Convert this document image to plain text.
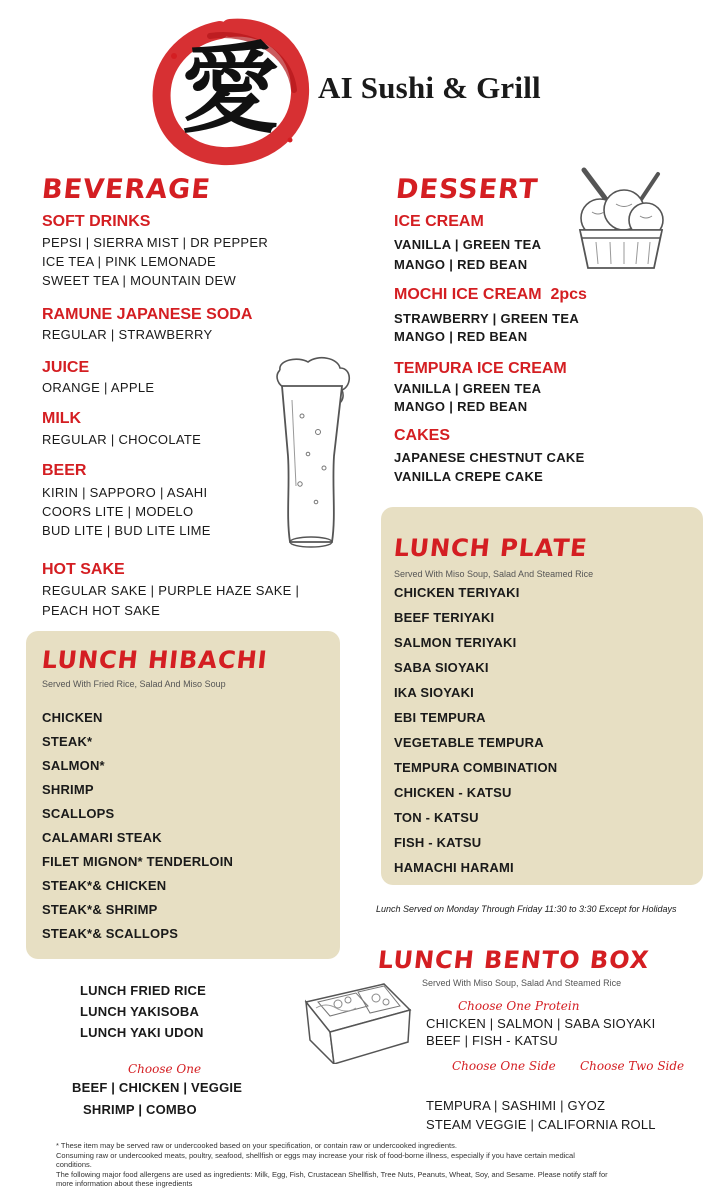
愛	AI Sushi & Grill
BEVERAGE
SOFT DRINKS
PEPSI | SIERRA MIST | DR PEPPER
ICE TEA | PINK LEMONADE
SWEET TEA | MOUNTAIN DEW
RAMUNE JAPANESE SODA
REGULAR | STRAWBERRY
JUICE
ORANGE | APPLE
MILK
REGULAR | CHOCOLATE
BEER
KIRIN | SAPPORO | ASAHI
COORS LITE | MODELO
BUD LITE | BUD LITE LIME
HOT SAKE
REGULAR SAKE | PURPLE HAZE SAKE |
PEACH HOT SAKE
DESSERT
ICE CREAM
VANILLA | GREEN TEA
MANGO | RED BEAN
MOCHI ICE CREAM 2pcs
STRAWBERRY | GREEN TEA
MANGO | RED BEAN
TEMPURA ICE CREAM
VANILLA | GREEN TEA
MANGO | RED BEAN
CAKES
JAPANESE CHESTNUT CAKE
VANILLA CREPE CAKE
LUNCH PLATE
Served With Miso Soup, Salad And Steamed Rice
CHICKEN TERIYAKI
BEEF TERIYAKI
SALMON TERIYAKI
SABA SIOYAKI
IKA SIOYAKI
EBI TEMPURA
VEGETABLE TEMPURA
TEMPURA COMBINATION
CHICKEN - KATSU
TON - KATSU
FISH - KATSU
HAMACHI HARAMI
Lunch Served on Monday Through Friday 11:30 to 3:30 Except for Holidays
LUNCH HIBACHI
Served With Fried Rice, Salad And Miso Soup
CHICKEN
STEAK*
SALMON*
SHRIMP
SCALLOPS
CALAMARI STEAK
FILET MIGNON* TENDERLOIN
STEAK*& CHICKEN
STEAK*& SHRIMP
STEAK*& SCALLOPS
LUNCH FRIED RICE
LUNCH YAKISOBA
LUNCH YAKI UDON
Choose One
BEEF | CHICKEN | VEGGIE
SHRIMP | COMBO
LUNCH BENTO BOX
Served With Miso Soup, Salad And Steamed Rice
Choose One Protein
CHICKEN | SALMON | SABA SIOYAKI
BEEF | FISH - KATSU
Choose One Side Choose Two Side
TEMPURA | SASHIMI | GYOZ
STEAM VEGGIE | CALIFORNIA ROLL
* These item may be served raw or undercooked based on your specification, or contain raw or undercooked ingredients.
Consuming raw or undercooked meats, poultry, seafood, shellfish or eggs may increase your risk of food-borne illness, especially if you have certain medical
conditions.
The following major food allergens are used as ingredients: Milk, Egg, Fish, Crustacean Shellfish, Tree Nuts, Peanuts, Wheat, Soy, and Sesame. Please notify staff for
more information about these ingredients
